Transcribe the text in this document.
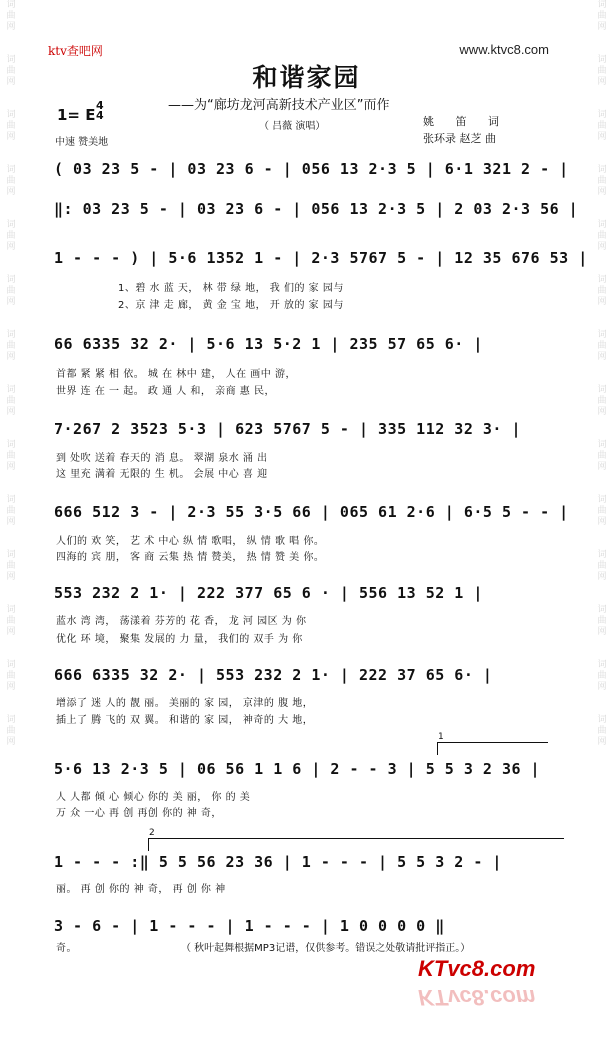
词
曲
网
词
曲
网
词
曲
网
词
曲
网
词
曲
网
词
曲
网
词
曲
网
词
曲
网
词
曲
网
词
曲
网
词
曲
网
词
曲
网
词
曲
网
词
曲
网
词
曲
网
词
曲
网
词
曲
网
词
曲
网
词
曲
网
词
曲
网
词
曲
网
词
曲
网
词
曲
网
词
曲
网
词
曲
网
词
曲
网
词
曲
网
词
曲
网
ktv查吧网	www.ktvc8.com
和谐家园
——为“廊坊龙河高新技术产业区”而作
（ 吕薇 演唱）
1= E
4
4
中速 赞美地
姚 笛 词
张环录 赵芝 曲
( 03 23 5 - | 03 23 6 - | 056 13 2·3 5 | 6·1 321 2 - |
‖: 03 23 5 - | 03 23 6 - | 056 13 2·3 5 | 2 03 2·3 56 |
1 - - - ) | 5·6 1352 1 - | 2·3 5767 5 - | 12 35 676 53 |
1、碧 水 蓝 天， 林 带 绿 地， 我 们的 家 园与
2、京 津 走 廊， 黄 金 宝 地， 开 放的 家 园与
66 6335 32 2· | 5·6 13 5·2 1 | 235 57 65 6· |
首都 紧 紧 相 依。 城 在 林中 建， 人在 画中 游，
世界 连 在 一 起。 政 通 人 和， 亲商 惠 民，
7·267 2 3523 5·3 | 623 5767 5 - | 335 112 32 3· |
到 处吹 送着 春天的 消 息。 翠湖 泉水 涌 出
这 里充 满着 无限的 生 机。 会展 中心 喜 迎
666 512 3 - | 2·3 55 3·5 66 | 065 61 2·6 | 6·5 5 - - |
人们的 欢 笑， 艺 术 中心 纵 情 歌唱， 纵 情 歌 唱 你。
四海的 宾 朋， 客 商 云集 热 情 赞美， 热 情 赞 美 你。
553 232 2 1· | 222 377 65 6 · | 556 13 52 1 |
蓝水 湾 湾， 荡漾着 芬芳的 花 香， 龙 河 园区 为 你
优化 环 境， 聚集 发展的 力 量， 我们的 双手 为 你
666 6335 32 2· | 553 232 2 1· | 222 37 65 6· |
增添了 迷 人的 靓 丽。 美丽的 家 园， 京津的 腹 地，
插上了 腾 飞的 双 翼。 和谐的 家 园， 神奇的 大 地，
1
5·6 13 2·3 5 | 06 56 1 1 6 | 2 - - 3 | 5 5 3 2 36 |
人 人都 倾 心 倾心 你的 美 丽， 你 的 美
万 众 一心 再 创 再创 你的 神 奇，
2
1 - - - :‖ 5 5 56 23 36 | 1 - - - | 5 5 3 2 - |
丽。 再 创 你的 神 奇， 再 创 你 神
3 - 6 - | 1 - - - | 1 - - - | 1 0 0 0 0 ‖
奇。	（ 秋叶起舞根据MP3记谱，仅供参考。错误之处敬请批评指正。）
KTvc8.com
KTvc8.com
